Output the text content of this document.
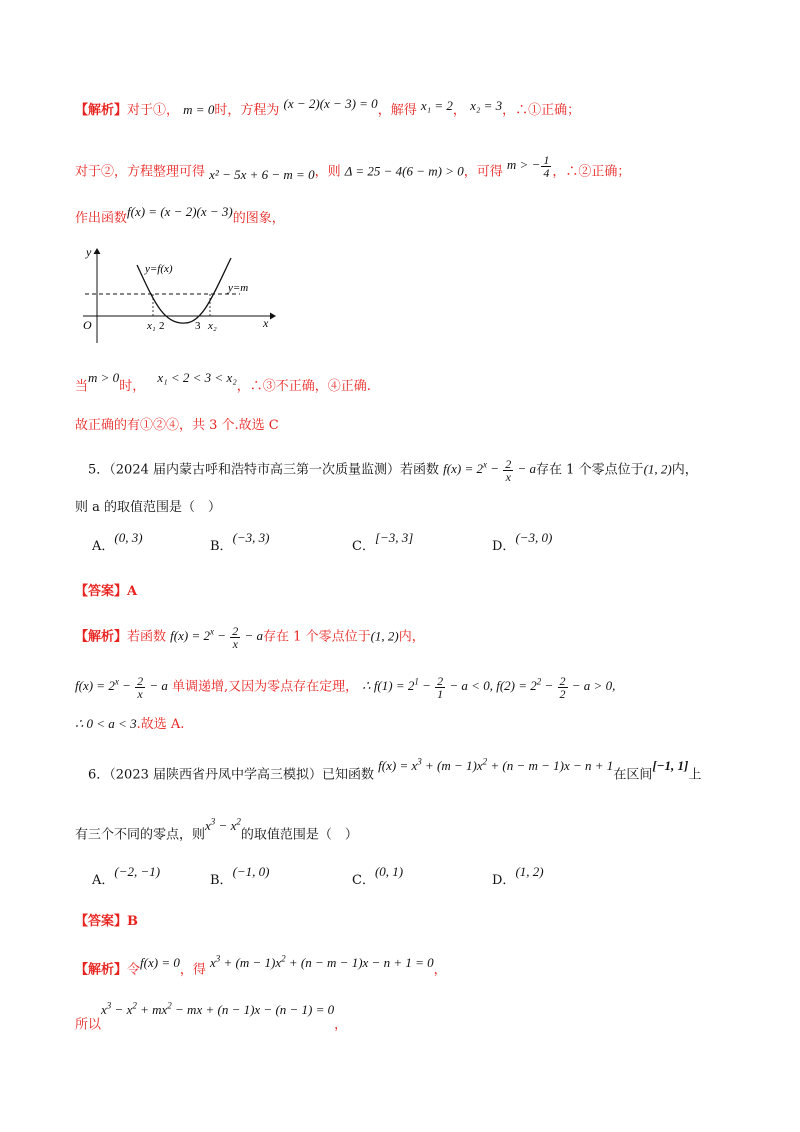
【解析】对于①， m = 0时，方程为 (x − 2)(x − 3) = 0，解得 x₁ = 2， x₂ = 3，∴①正确；
对于②，方程整理可得 x² − 5x + 6 − m = 0，则 Δ = 25 − 4(6 − m) > 0，可得 m > − $\frac{1}{4}$ ，∴②正确；
作出函数f(x) = (x − 2)(x − 3)的图象，
y
x
O
y=f(x)
y=m
x₁ 2	3 x₂
当m > 0时， x₁ < 2 < 3 < x₂，∴③不正确，④正确.
故正确的有①②④，共 3 个.故选 C
5．（2024 届内蒙古呼和浩特市高三第一次质量监测）若函数 $f(x) = 2^x - \frac{2}{x} - a$存在 1 个零点位于(1, 2)内，
则 a 的取值范围是（　）
A．(0, 3)
B．(−3, 3)
C．[−3, 3]
D．(−3, 0)
【答案】A
【解析】若函数 $f(x) = 2^x - \frac{2}{x} - a$存在 1 个零点位于(1, 2)内，
$f(x) = 2^x - \frac{2}{x} - a$ 单调递增,又因为零点存在定理， ∴ $f(1) = 2^1 - \frac{2}{1} - a < 0$, $f(2) = 2^2 - \frac{2}{2} - a > 0$,
∴ 0 < a < 3.故选 A.
6．（2023 届陕西省丹凤中学高三模拟）已知函数 $f(x) = x^3 + (m - 1)x^2 + (n - m - 1)x - n + 1$在区间[−1, 1]上
有三个不同的零点，则$x^3 - x^2$的取值范围是（　）
A．(−2, −1)
B．(−1, 0)
C．(0, 1)
D．(1, 2)
【答案】B
【解析】令f(x) = 0，得 $x^3 + (m - 1)x^2 + (n - m - 1)x - n + 1 = 0$，
所以$x^3 - x^2 + mx^2$ − mx + (n − 1)x − (n − 1) = 0，
